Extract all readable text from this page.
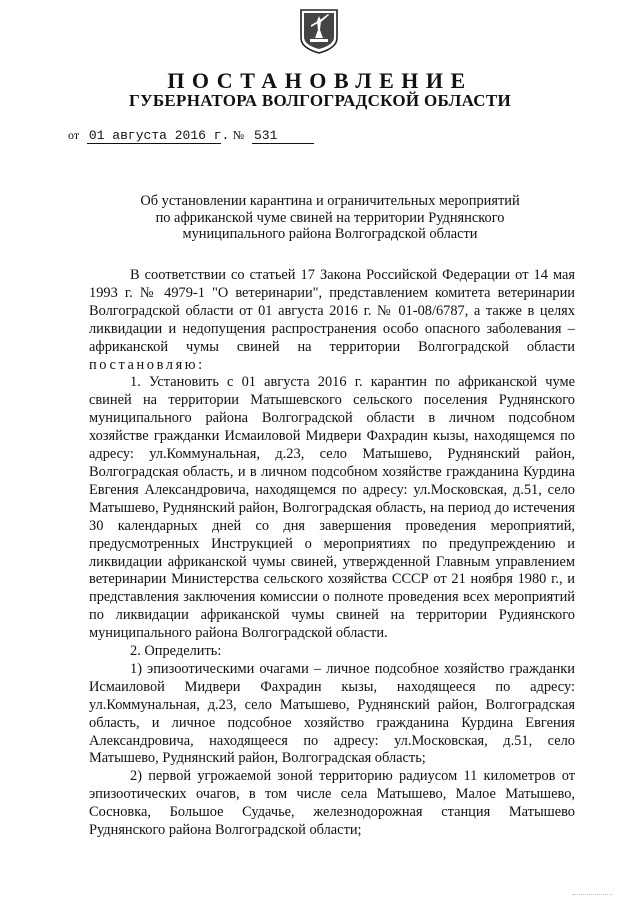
ПОСТАНОВЛЕНИЕ
ГУБЕРНАТОРА ВОЛГОГРАДСКОЙ ОБЛАСТИ
от 01 августа 2016 г. № 531
Об установлении карантина и ограничительных мероприятий
по африканской чуме свиней на территории Руднянского
муниципального района Волгоградской области

В соответствии со статьей 17 Закона Российской Федерации от 14 мая 1993 г. № 4979-1 "О ветеринарии", представлением комитета ветеринарии Волгоградской области от 01 августа 2016 г. № 01-08/6787, а также в целях ликвидации и недопущения распространения особо опасного заболевания – африканской чумы свиней на территории Волгоградской области постановляю:

1. Установить с 01 августа 2016 г. карантин по африканской чуме свиней на территории Матышевского сельского поселения Руднянского муниципального района Волгоградской области в личном подсобном хозяйстве гражданки Исмаиловой Мидвери Фахрадин кызы, находящемся по адресу: ул.Коммунальная, д.23, село Матышево, Руднянский район, Волгоградская область, и в личном подсобном хозяйстве гражданина Курдина Евгения Александровича, находящемся по адресу: ул.Московская, д.51, село Матышево, Руднянский район, Волгоградская область, на период до истечения 30 календарных дней со дня завершения проведения мероприятий, предусмотренных Инструкцией о мероприятиях по предупреждению и ликвидации африканской чумы свиней, утвержденной Главным управлением ветеринарии Министерства сельского хозяйства СССР от 21 ноября 1980 г., и представления заключения комиссии о полноте проведения всех мероприятий по ликвидации африканской чумы свиней на территории Рудиянского муниципального района Волгоградской области.

2. Определить:

1) эпизоотическими очагами – личное подсобное хозяйство гражданки Исмаиловой Мидвери Фахрадин кызы, находящееся по адресу: ул.Коммунальная, д.23, село Матышево, Руднянский район, Волгоградская область, и личное подсобное хозяйство гражданина Курдина Евгения Александровича, находящееся по адресу: ул.Московская, д.51, село Матышево, Руднянский район, Волгоградская область;

2) первой угрожаемой зоной территорию радиусом 11 километров от эпизоотических очагов, в том числе села Матышево, Малое Матышево, Сосновка, Большое Судачье, железнодорожная станция Матышево Руднянского района Волгоградской области;
